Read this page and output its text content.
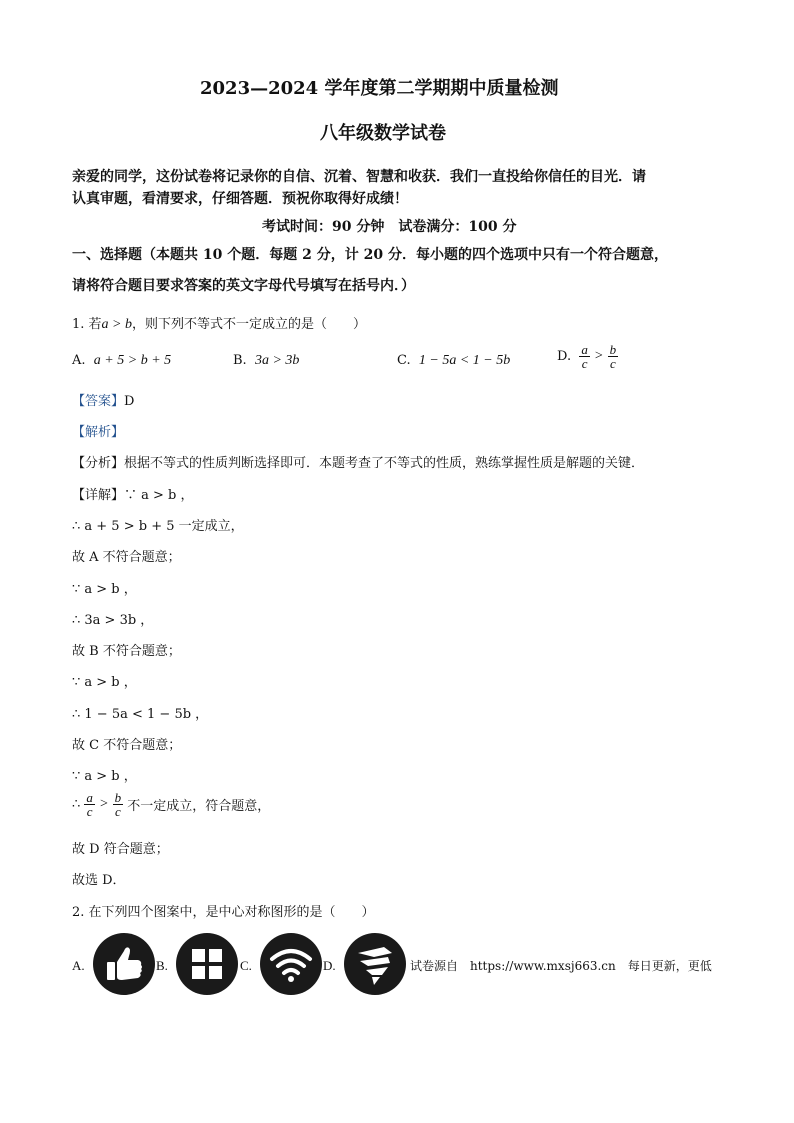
2023—2024 学年度第二学期期中质量检测
八年级数学试卷
亲爱的同学，这份试卷将记录你的自信、沉着、智慧和收获．我们一直投给你信任的目光．请
认真审题，看清要求，仔细答题．预祝你取得好成绩！
考试时间：90 分钟　试卷满分：100 分
一、选择题（本题共 10 个题．每题 2 分，计 20 分．每小题的四个选项中只有一个符合题意，
请将符合题目要求答案的英文字母代号填写在括号内．）
1. 若a > b，则下列不等式不一定成立的是（　　）
A. a + 5 > b + 5	B. 3a > 3b	C. 1 − 5a < 1 − 5b	D. $\frac{a}{c} > \frac{b}{c}$
【答案】D
【解析】
【分析】根据不等式的性质判断选择即可．本题考查了不等式的性质，熟练掌握性质是解题的关键．
【详解】∵ a > b ，
∴ a + 5 > b + 5 一定成立，
故 A 不符合题意；
∵ a > b ，
∴ 3a > 3b ，
故 B 不符合题意；
∵ a > b ，
∴ 1 − 5a < 1 − 5b ，
故 C 不符合题意；
∵ a > b ，
∴ $\frac{a}{c} > \frac{b}{c}$ 不一定成立，符合题意，
故 D 符合题意；
故选 D．
2. 在下列四个图案中，是中心对称图形的是（　　）
A.	B.	C.	D.	试卷源自　https://www.mxsj663.cn　每日更新，更低
